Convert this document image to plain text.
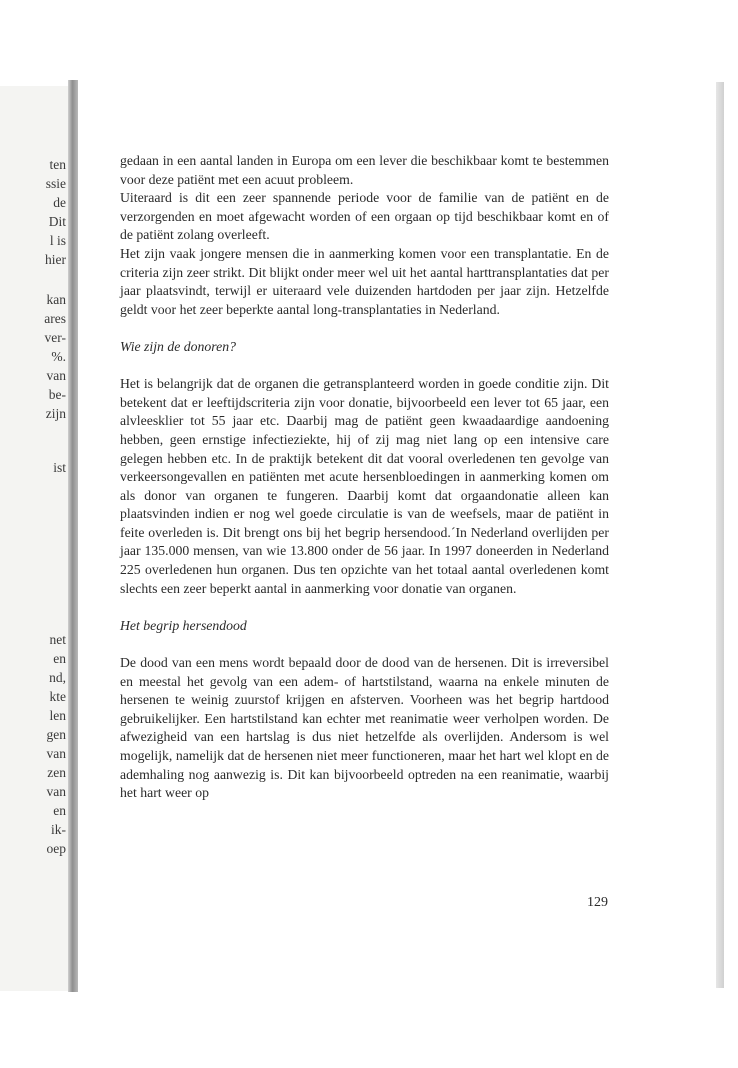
ten

ssie

de

Dit

l is

hier

kan

ares

ver-

%.

van

be-

zijn

ist

net

en

nd,

kte

len

gen

van

zen

van

en

ik-

oep

gedaan in een aantal landen in Europa om een lever die beschikbaar komt te bestemmen voor deze patiënt met een acuut probleem.

Uiteraard is dit een zeer spannende periode voor de familie van de patiënt en de verzorgenden en moet afgewacht worden of een orgaan op tijd beschikbaar komt en of de patiënt zolang overleeft.

Het zijn vaak jongere mensen die in aanmerking komen voor een transplantatie. En de criteria zijn zeer strikt. Dit blijkt onder meer wel uit het aantal harttransplantaties dat per jaar plaatsvindt, terwijl er uiteraard vele duizenden hartdoden per jaar zijn. Hetzelfde geldt voor het zeer beperkte aantal long-transplantaties in Nederland.

Wie zijn de donoren?

Het is belangrijk dat de organen die getransplanteerd worden in goede conditie zijn. Dit betekent dat er leeftijdscriteria zijn voor donatie, bijvoorbeeld een lever tot 65 jaar, een alvleesklier tot 55 jaar etc. Daarbij mag de patiënt geen kwaadaardige aandoening hebben, geen ernstige infectieziekte, hij of zij mag niet lang op een intensive care gelegen hebben etc. In de praktijk betekent dit dat vooral overledenen ten gevolge van verkeersongevallen en patiënten met acute hersenbloedingen in aanmerking komen om als donor van organen te fungeren. Daarbij komt dat orgaandonatie alleen kan plaatsvinden indien er nog wel goede circulatie is van de weefsels, maar de patiënt in feite overleden is. Dit brengt ons bij het begrip hersendood.´In Nederland overlijden per jaar 135.000 mensen, van wie 13.800 onder de 56 jaar. In 1997 doneerden in Nederland 225 overledenen hun organen. Dus ten opzichte van het totaal aantal overledenen komt slechts een zeer beperkt aantal in aanmerking voor donatie van organen.

Het begrip hersendood

De dood van een mens wordt bepaald door de dood van de hersenen. Dit is irreversibel en meestal het gevolg van een adem- of hartstilstand, waarna na enkele minuten de hersenen te weinig zuurstof krijgen en afsterven. Voorheen was het begrip hartdood gebruikelijker. Een hartstilstand kan echter met reanimatie weer verholpen worden. De afwezigheid van een hartslag is dus niet hetzelfde als overlijden. Andersom is wel mogelijk, namelijk dat de hersenen niet meer functioneren, maar het hart wel klopt en de ademhaling nog aanwezig is. Dit kan bijvoorbeeld optreden na een reanimatie, waarbij het hart weer op

129
